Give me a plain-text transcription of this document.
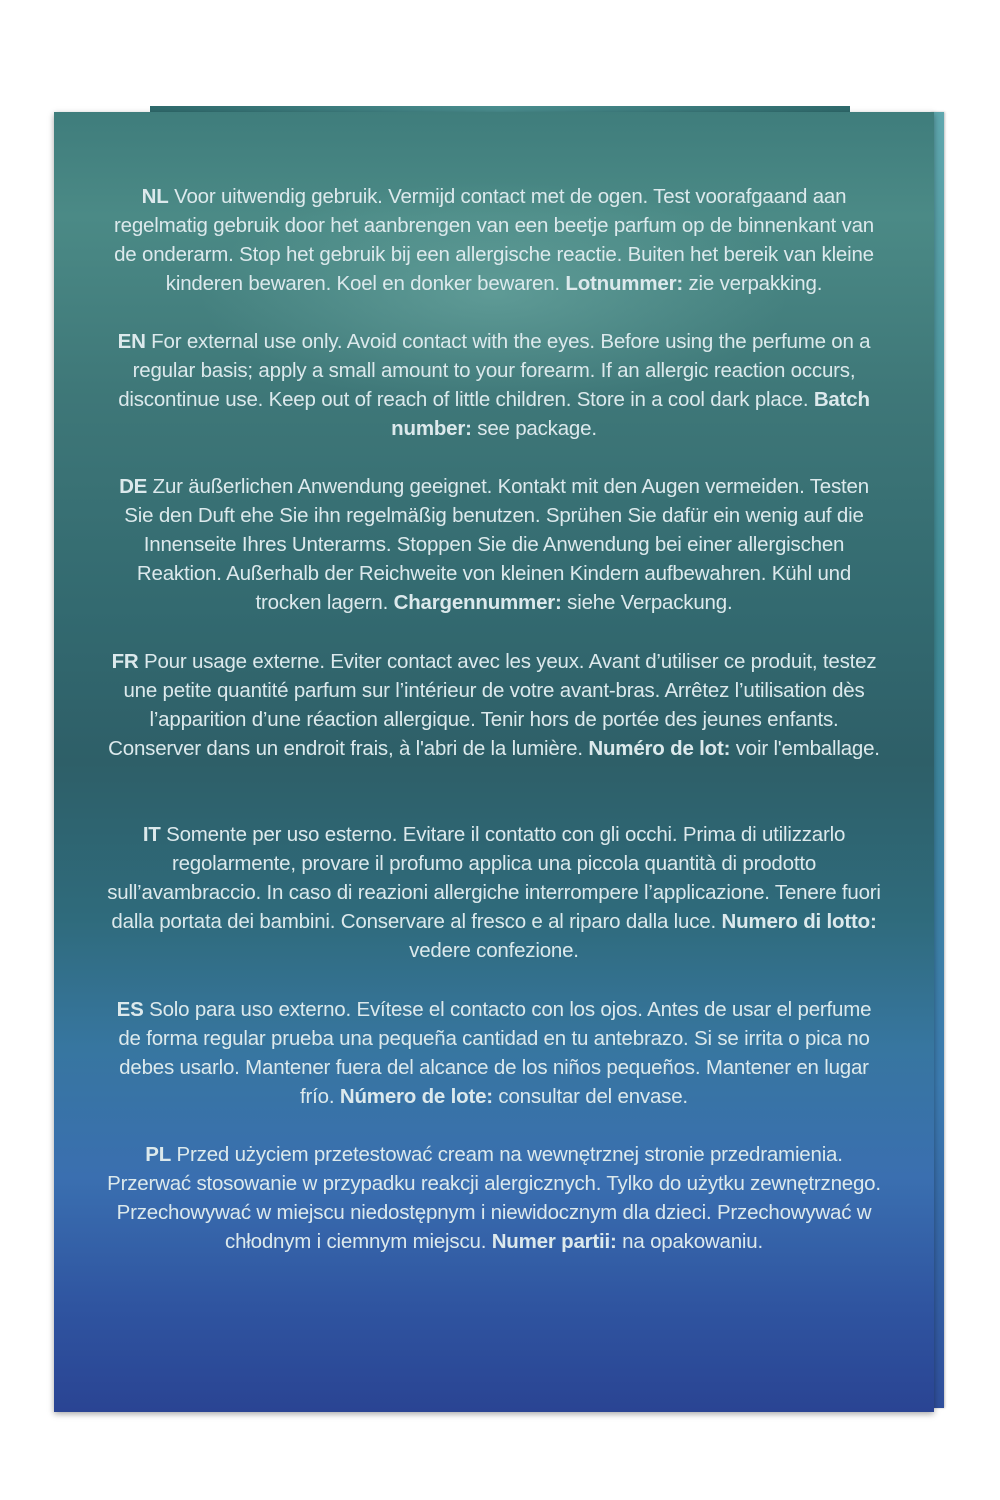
NL Voor uitwendig gebruik. Vermijd contact met de ogen. Test voorafgaand aan regelmatig gebruik door het aanbrengen van een beetje parfum op de binnenkant van de onderarm. Stop het gebruik bij een allergische reactie. Buiten het bereik van kleine kinderen bewaren. Koel en donker bewaren. Lotnummer: zie verpakking.

EN For external use only. Avoid contact with the eyes. Before using the perfume on a regular basis; apply a small amount to your forearm. If an allergic reaction occurs, discontinue use. Keep out of reach of little children. Store in a cool dark place. Batch number: see package.

DE Zur äußerlichen Anwendung geeignet. Kontakt mit den Augen vermeiden. Testen Sie den Duft ehe Sie ihn regelmäßig benutzen. Sprühen Sie dafür ein wenig auf die Innenseite Ihres Unterarms. Stoppen Sie die Anwendung bei einer allergischen Reaktion. Außerhalb der Reichweite von kleinen Kindern aufbewahren. Kühl und trocken lagern. Chargennummer: siehe Verpackung.

FR Pour usage externe. Eviter contact avec les yeux. Avant d’utiliser ce produit, testez une petite quantité parfum sur l’intérieur de votre avant-bras. Arrêtez l’utilisation dès l’apparition d’une réaction allergique. Tenir hors de portée des jeunes enfants. Conserver dans un endroit frais, à l'abri de la lumière. Numéro de lot: voir l'emballage.

IT Somente per uso esterno. Evitare il contatto con gli occhi. Prima di utilizzarlo regolarmente, provare il profumo applica una piccola quantità di prodotto sull’avambraccio. In caso di reazioni allergiche interrompere l’applicazione. Tenere fuori dalla portata dei bambini. Conservare al fresco e al riparo dalla luce. Numero di lotto: vedere confezione.

ES Solo para uso externo. Evítese el contacto con los ojos. Antes de usar el perfume de forma regular prueba una pequeña cantidad en tu antebrazo. Si se irrita o pica no debes usarlo. Mantener fuera del alcance de los niños pequeños. Mantener en lugar frío. Número de lote: consultar del envase.

PL Przed użyciem przetestować cream na wewnętrznej stronie przedramienia. Przerwać stosowanie w przypadku reakcji alergicznych. Tylko do użytku zewnętrznego. Przechowywać w miejscu niedostępnym i niewidocznym dla dzieci. Przechowywać w chłodnym i ciemnym miejscu. Numer partii: na opakowaniu.
